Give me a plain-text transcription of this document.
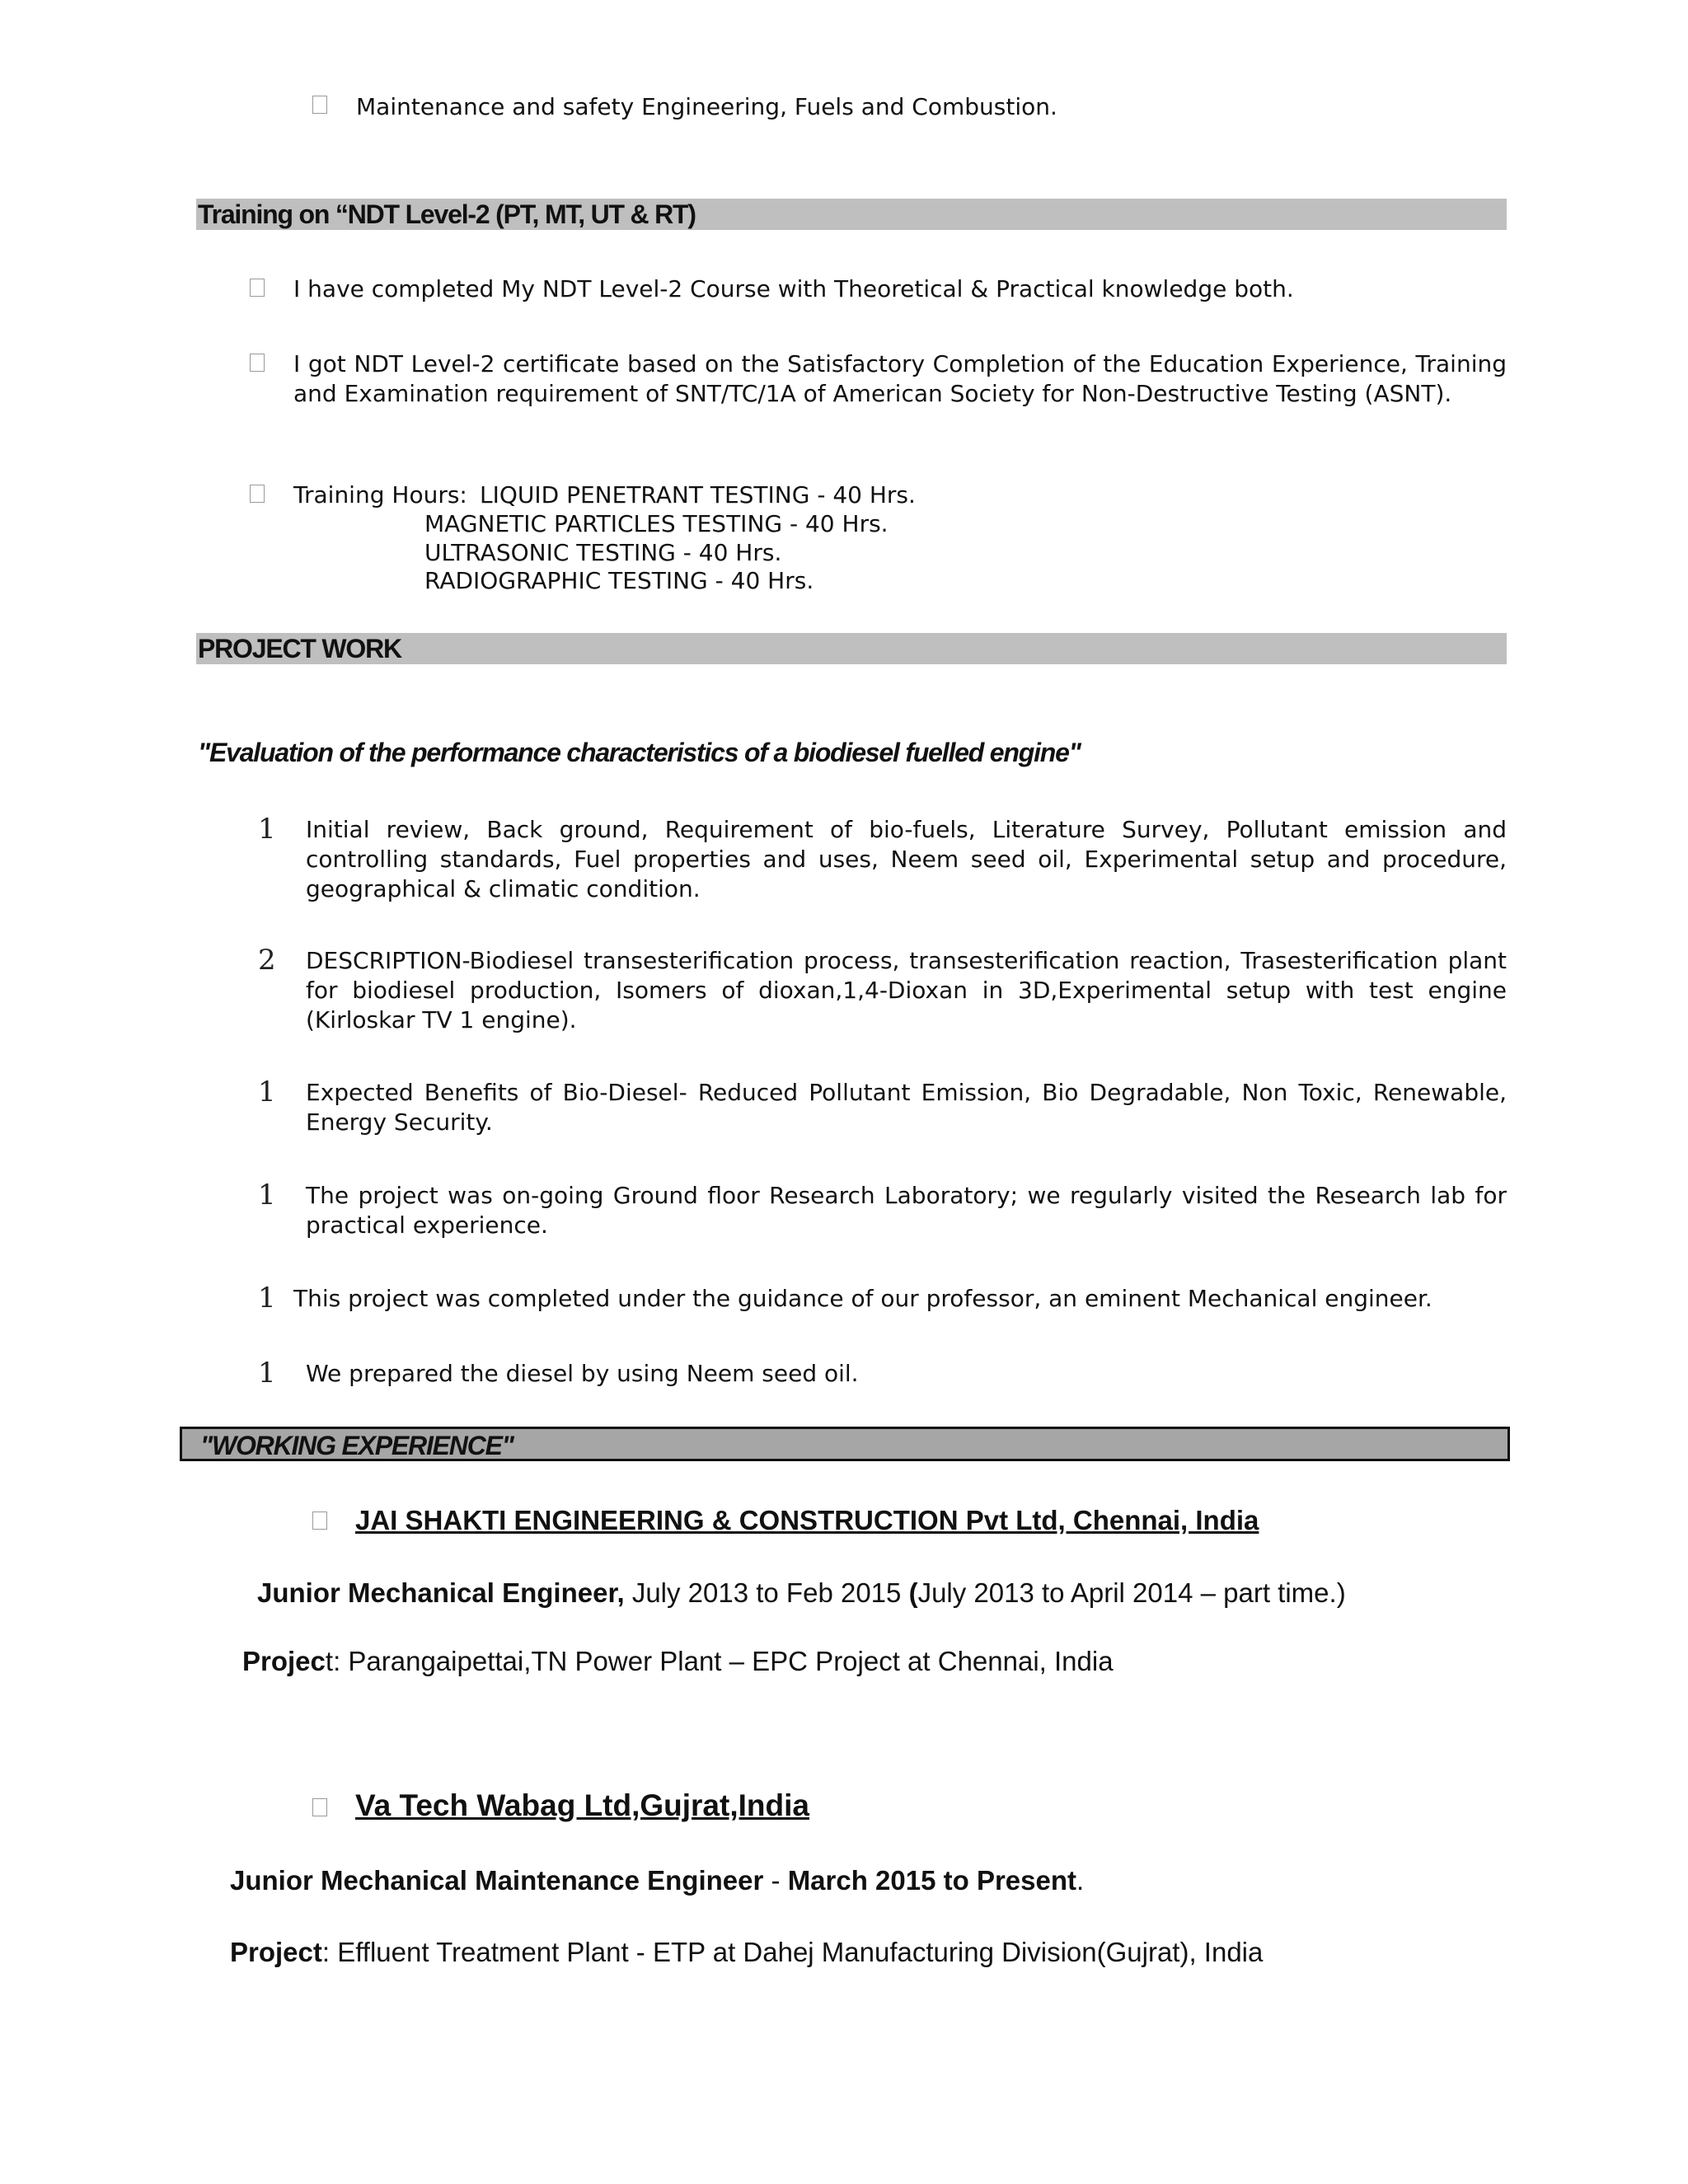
Maintenance and safety Engineering, Fuels and Combustion.
Training on “NDT Level-2 (PT, MT, UT & RT)
I have completed My NDT Level-2 Course with Theoretical & Practical knowledge both.
I got NDT Level-2 certificate based on the Satisfactory Completion of the Education Experience, Training and Examination requirement of SNT/TC/1A of American Society for Non-Destructive Testing (ASNT).
Training Hours: LIQUID PENETRANT TESTING - 40 Hrs.
MAGNETIC PARTICLES TESTING - 40 Hrs.
ULTRASONIC TESTING - 40 Hrs.
RADIOGRAPHIC TESTING - 40 Hrs.
PROJECT WORK
"Evaluation of the performance characteristics of a biodiesel fuelled engine"
1 Initial review, Back ground, Requirement of bio-fuels, Literature Survey, Pollutant emission and controlling standards, Fuel properties and uses, Neem seed oil, Experimental setup and procedure, geographical & climatic condition.
2 DESCRIPTION-Biodiesel transesterification process, transesterification reaction, Trasesterification plant for biodiesel production, Isomers of dioxan,1,4-Dioxan in 3D,Experimental setup with test engine (Kirloskar TV 1 engine).
1 Expected Benefits of Bio-Diesel- Reduced Pollutant Emission, Bio Degradable, Non Toxic, Renewable, Energy Security.
1 The project was on-going Ground floor Research Laboratory; we regularly visited the Research lab for practical experience.
1 This project was completed under the guidance of our professor, an eminent Mechanical engineer.
1 We prepared the diesel by using Neem seed oil.
"WORKING EXPERIENCE"
JAI SHAKTI ENGINEERING & CONSTRUCTION Pvt Ltd, Chennai, India
Junior Mechanical Engineer, July 2013 to Feb 2015 (July 2013 to April 2014 – part time.)
Project: Parangaipettai,TN Power Plant – EPC Project at Chennai, India
Va Tech Wabag Ltd,Gujrat,India
Junior Mechanical Maintenance Engineer - March 2015 to Present.
Project: Effluent Treatment Plant - ETP at Dahej Manufacturing Division(Gujrat), India
